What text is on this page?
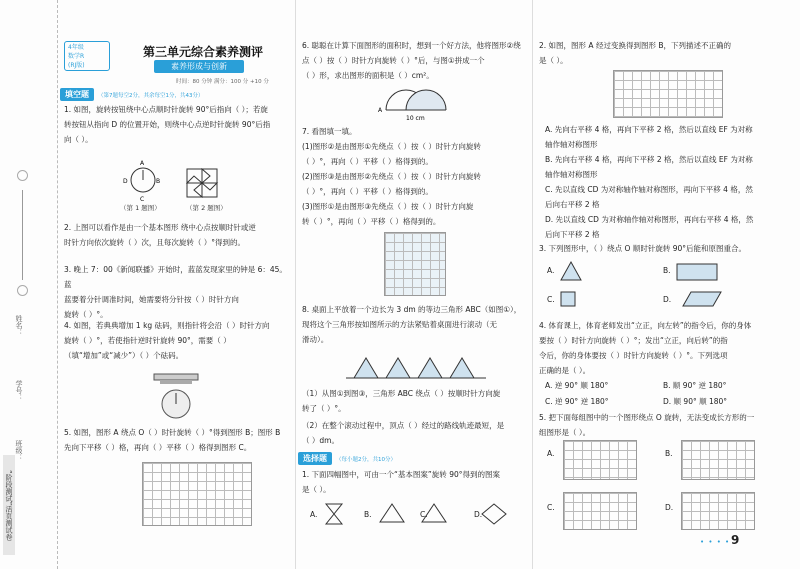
姓名：
学号：
班级：
“阶段测试”活页测试卷
4年级
数学R
(RJ版)
第三单元综合素养测评
素养形成与创新
时间：80 分钟 满分：100 分 +10 分
填空题	（第7题每空2分，其余每空1分，共43分）
1. 如图，旋转按钮绕中心点顺时针旋转 90°后指向（ ）；若旋
转按钮从指向 D 的位置开始，则绕中心点逆时针旋转 90°后指
向（ ）。
A
B
C
D
（第 1 题图）	（第 2 题图）
2. 上图可以看作是由一个基本图形 绕中心点按顺时针或逆
时针方向依次旋转（ ）次，且每次旋转（ ）°得到的。
3. 晚上 7：00《新闻联播》开始时，蓝蓝发现家里的钟是 6：45。蓝
蓝要着分针调准时间，她需要将分针按（ ）时针方向
旋转（ ）°。
4. 如图，若典典增加 1 kg 砝码，则指针将会沿（ ）时针方向
旋转（ ）°，若使指针逆时针旋转 90°，需要（ ）
（填“增加”或“减少”）（ ）个砝码。
5. 如图，图形 A 绕点 O（ ）时针旋转（ ）°得到图形 B；图形 B
先向下平移（ ）格，再向（ ）平移（ ）格得到图形 C。
6. 聪聪在计算下面图形的面积时，想到一个好方法，他将图形②绕
点（ ）按（ ）时针方向旋转（ ）°后，与图①拼成一个
（ ）形，求出图形的面积是（ ）cm²。
A
10 cm
7. 看图填一填。
(1)图形②是由图形①先绕点（ ）按（ ）时针方向旋转
（ ）°，再向（ ）平移（ ）格得到的。
(2)图形③是由图形②先绕点（ ）按（ ）时针方向旋转
（ ）°，再向（ ）平移（ ）格得到的。
(3)图形①是由图形③先绕点（ ）按（ ）时针方向旋
转（ ）°，再向（ ）平移（ ）格得到的。
8. 桌面上平放着一个边长为 3 dm 的等边三角形 ABC（如图①），
现将这个三角形按如图所示的方法紧贴着桌面进行滚动（无
滑动）。
（1）从图①到图③，三角形 ABC 绕点（ ）按顺时针方向旋
转了（ ）°。
（2）在整个滚动过程中，顶点（ ）经过的路线轨迹最短，是
（ ）dm。
选择题	（每小题2分，共10分）
1. 下面四幅图中，可由一个“基本图案”旋转 90°得到的图案
是（ ）。
A.	B.	C.	D.
2. 如图，图形 A 经过变换得到图形 B，下列描述不正确的
是（ ）。
A. 先向右平移 4 格，再向下平移 2 格，然后以直线 EF 为对称
轴作轴对称图形
B. 先向右平移 4 格，再向下平移 2 格，然后以直线 EF 为对称
轴作轴对称图形
C. 先以直线 CD 为对称轴作轴对称图形，再向下平移 4 格，然
后向右平移 2 格
D. 先以直线 CD 为对称轴作轴对称图形，再向右平移 4 格，然
后向下平移 2 格
3. 下列图形中，（ ）绕点 O 顺时针旋转 90°后能和原图重合。
A.	B.
C.	D.
4. 体育课上，体育老师发出“立正，向左转”的指令后，你的身体
要按（ ）时针方向旋转（ ）°；发出“立正，向后转”的指
令后，你的身体要按（ ）时针方向旋转（ ）°。下列选项
正确的是（ ）。
A. 逆 90° 顺 180°	B. 顺 90° 逆 180°
C. 逆 90° 逆 180°	D. 顺 90° 顺 180°
5. 把下面每组图中的一个图形绕点 O 旋转，无法变成长方形的一
组图形是（ ）。
A.	B.
C.	D.
• • • • 9
